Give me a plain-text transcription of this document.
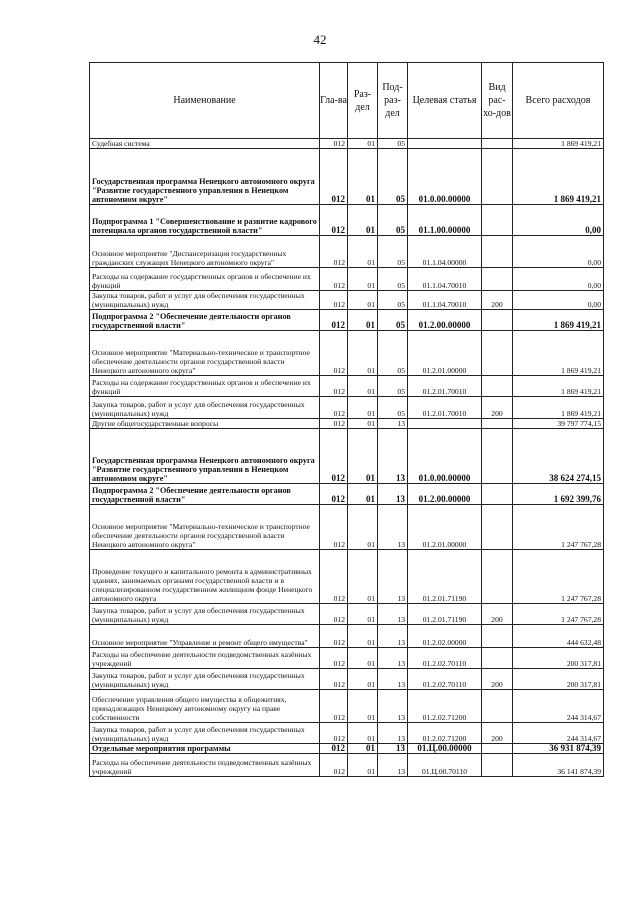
42
Наименование	Гла-ва	Раз-дел	Под-раз-дел	Целевая статья	Вид рас-хо-дов	Всего расходов
Судебная система	012	01	05			1 869 419,21
Государственная программа Ненецкого автономного округа "Развитие государственного управления в Ненецком автономном округе"	012	01	05	01.0.00.00000		1 869 419,21
Подпрограмма 1 "Совершенствование и развитие кадрового потенциала органов государственной власти"	012	01	05	01.1.00.00000		0,00
Основное мероприятие "Диспансеризация государственных гражданских служащих Ненецкого автономного округа"	012	01	05	01.1.04.00000		0,00
Расходы на содержание государственных органов и обеспечение их функций	012	01	05	01.1.04.70010		0,00
Закупка товаров, работ и услуг для обеспечения государственных (муниципальных) нужд	012	01	05	01.1.04.70010	200	0,00
Подпрограмма 2 "Обеспечение деятельности органов государственной власти"	012	01	05	01.2.00.00000		1 869 419,21
Основное мероприятие "Материально-техническое и транспортное обеспечение деятельности органов государственной власти Ненецкого автономного округа"	012	01	05	01.2.01.00000		1 869 419,21
Расходы на содержание государственных органов и обеспечение их функций	012	01	05	01.2.01.70010		1 869 419,21
Закупка товаров, работ и услуг для обеспечения государственных (муниципальных) нужд	012	01	05	01.2.01.70010	200	1 869 419,21
Другие общегосударственные вопросы	012	01	13			39 797 774,15
Государственная программа Ненецкого автономного округа "Развитие государственного управления в Ненецком автономном округе"	012	01	13	01.0.00.00000		38 624 274,15
Подпрограмма 2 "Обеспечение деятельности органов государственной власти"	012	01	13	01.2.00.00000		1 692 399,76
Основное мероприятие "Материально-техническое и транспортное обеспечение деятельности органов государственной власти Ненецкого автономного округа"	012	01	13	01.2.01.00000		1 247 767,28
Проведение текущего и капитального ремонта в административных зданиях, занимаемых органами государственной власти и в специализированном государственном жилищном фонде Ненецкого автономного округа	012	01	13	01.2.01.71190		1 247 767,28
Закупка товаров, работ и услуг для обеспечения государственных (муниципальных) нужд	012	01	13	01.2.01.71190	200	1 247 767,28
Основное мероприятие "Управление и ремонт общего имущества"	012	01	13	01.2.02.00000		444 632,48
Расходы на обеспечение деятельности подведомственных казённых учреждений	012	01	13	01.2.02.70110		200 317,81
Закупка товаров, работ и услуг для обеспечения государственных (муниципальных) нужд	012	01	13	01.2.02.70110	200	200 317,81
Обеспечение управления общего имущества в общежитиях, принадлежащих Ненецкому автономному округу на праве собственности	012	01	13	01.2.02.71200		244 314,67
Закупка товаров, работ и услуг для обеспечения государственных (муниципальных) нужд	012	01	13	01.2.02.71200	200	244 314,67
Отдельные мероприятия программы	012	01	13	01.Ц.00.00000		36 931 874,39
Расходы на обеспечение деятельности подведомственных казённых учреждений	012	01	13	01.Ц.00.70110		36 141 874,39
